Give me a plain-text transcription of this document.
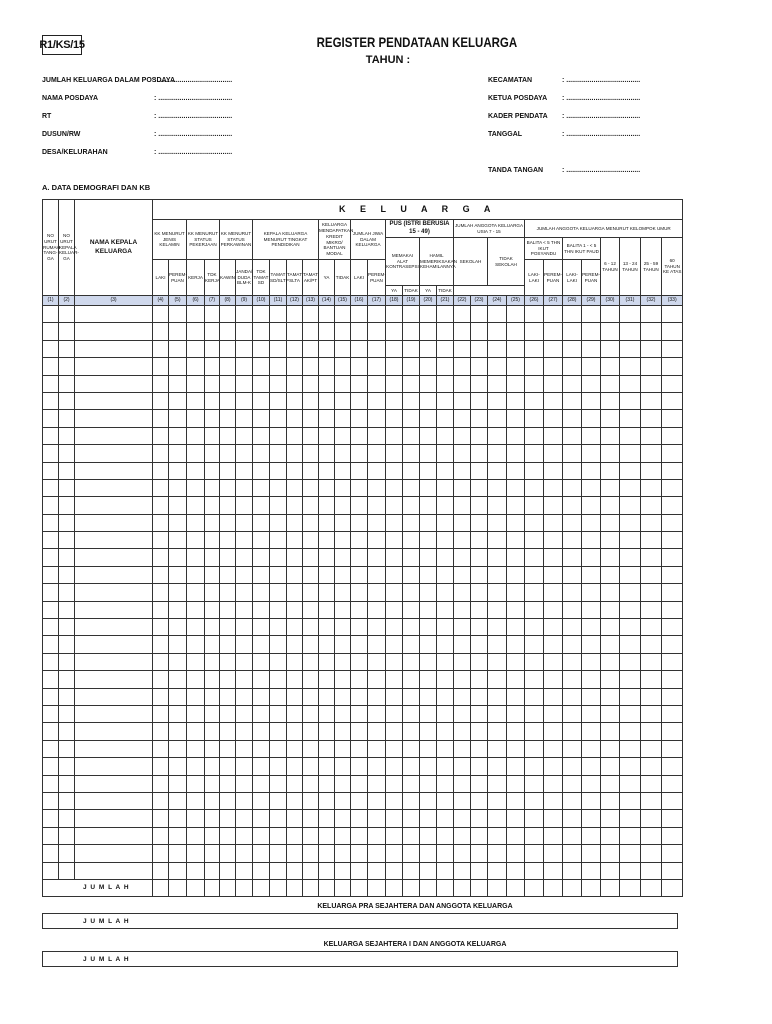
R1/KS/15	REGISTER PENDATAAN KELUARGA
TAHUN :
JUMLAH KELUARGA DALAM POSDAYA
: ......................................
NAMA POSDAYA	: ......................................
RT	: ......................................
DUSUN/RW	: ......................................
DESA/KELURAHAN	: ......................................
KECAMATAN	: ......................................
KETUA POSDAYA : ......................................
KADER PENDATA : ......................................
TANGGAL	: ......................................
TANDA TANGAN	: ......................................
A. DATA DEMOGRAFI DAN KB
NO URUT RUMAH TANG-GA	NO URUT KEPALA KELUAR-GA	NAMA KEPALA KELUARGA	K E L U A R G A																														
			KK MENURUT JENIS KELAMIN		KK MENURUT STATUS PEKERJAAN		KK MENURUT STATUS PERKAWINAN		KEPALA KELUARGA MENURUT TINGKAT PENDIDIKAN				KELUARGA MENDAPATKAN KREDIT MIKRO/ BANTUAN MODAL		JUMLAH JIWA DALAM KELUARGA		PUS (ISTRI BERUSIA 15 - 49)				JUMLAH ANGGOTA KELUARGA USIA 7 - 15				JUMLAH ANGGOTA KELUARGA MENURUT KELOMPOK UMUR								
																	MEMAKAI ALAT KONTRASEPSI		HAMIL MEMERIKSAKAN KEHAMILANNYA		SEKOLAH		TIDAK SEKOLAH		BALITA < 5 THN IKUT POSYANDU		BALITA 1 - < 5 THN IKUT PAUD		6 - 12 TAHUN	13 - 24 TAHUN	25 - 59 TAHUN	60 TAHUN KE ATAS	
			LAKI	PEREM-PUAN	KERJA	TDK KERJA	KAWIN	JANDA/ DUDA BLM-K	TDK TAMAT SD	TAMAT SD/SLTP	TAMAT SLTA	TAMAT AK/PT	YA	TIDAK	LAKI	PEREM-PUAN									LAKI-LAKI	PEREM-PUAN	LAKI-LAKI	PEREM-PUAN				
																	YA	TIDAK	YA	TIDAK													
(1)	(2)	(3)	(4)	(5)	(6)	(7)	(8)	(9)	(10)	(11)	(12)	(13)	(14)	(15)	(16)	(17)	(18)	(19)	(20)	(21)	(22)	(23)	(24)	(25)	(26)	(27)	(28)	(29)	(30)	(31)	(32)	(33)	

J U M L A H																																	
KELUARGA PRA SEJAHTERA DAN ANGGOTA KELUARGA
J U M L A H
KELUARGA SEJAHTERA I DAN ANGGOTA KELUARGA
J U M L A H
